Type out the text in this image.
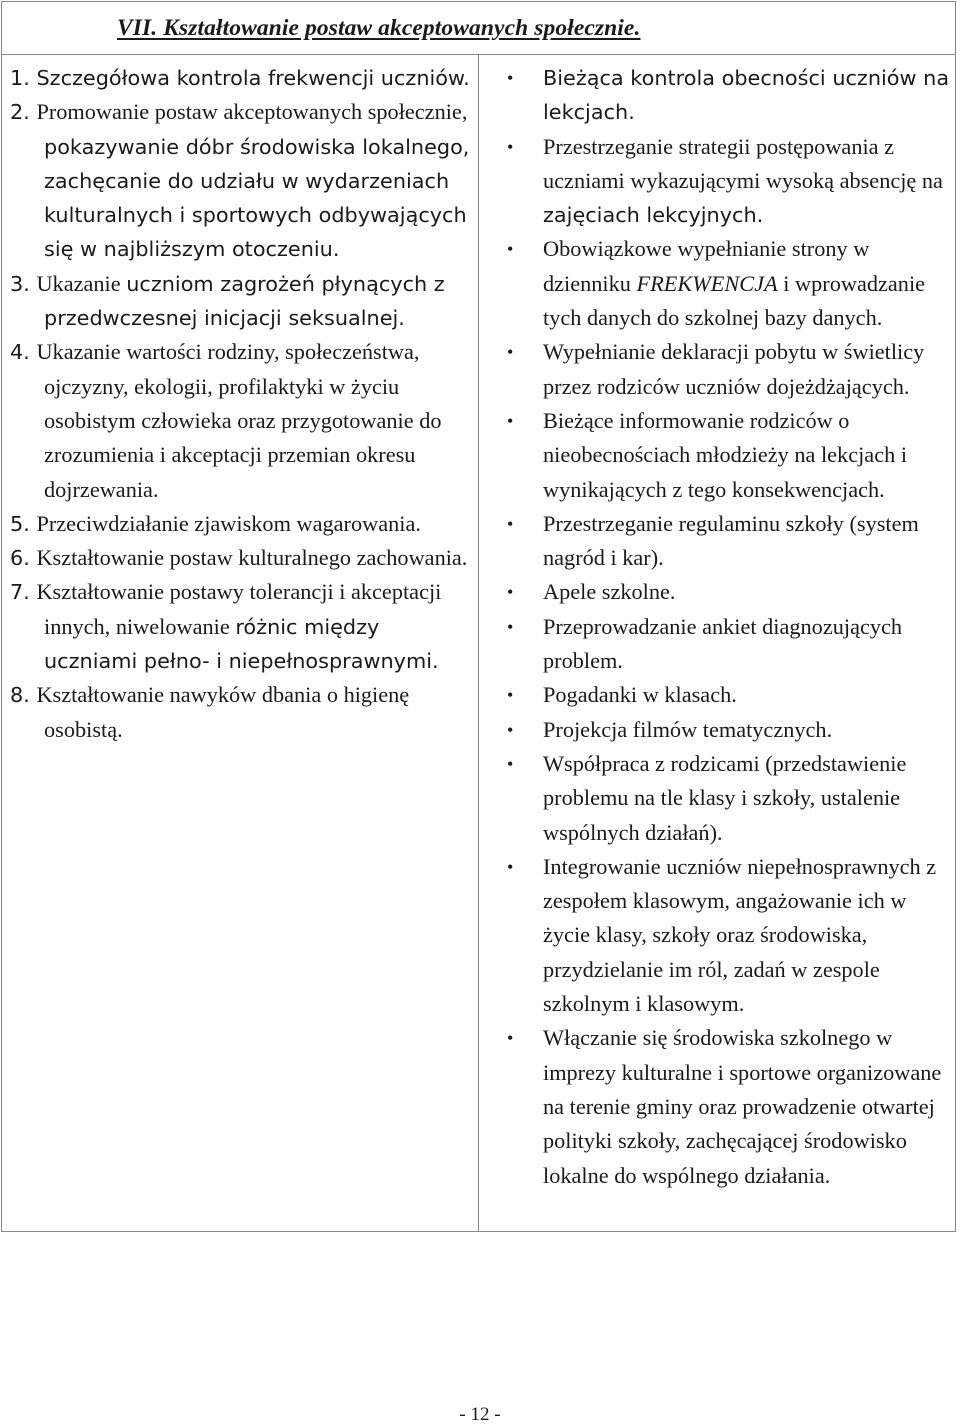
VII. Kształtowanie postaw akceptowanych społecznie.

1. Szczegółowa kontrola frekwencji uczniów.
2. Promowanie postaw akceptowanych społecznie, pokazywanie dóbr środowiska lokalnego, zachęcanie do udziału w wydarzeniach kulturalnych i sportowych odbywających się w najbliższym otoczeniu.
3. Ukazanie uczniom zagrożeń płynących z przedwczesnej inicjacji seksualnej.
4. Ukazanie wartości rodziny, społeczeństwa, ojczyzny, ekologii, profilaktyki w życiu osobistym człowieka oraz przygotowanie do zrozumienia i akceptacji przemian okresu dojrzewania.
5. Przeciwdziałanie zjawiskom wagarowania.
6. Kształtowanie postaw kulturalnego zachowania.
7. Kształtowanie postawy tolerancji i akceptacji innych, niwelowanie różnic między uczniami pełno- i niepełnosprawnymi.
8. Kształtowanie nawyków dbania o higienę osobistą.

• Bieżąca kontrola obecności uczniów na lekcjach.
• Przestrzeganie strategii postępowania z uczniami wykazującymi wysoką absencję na zajęciach lekcyjnych.
• Obowiązkowe wypełnianie strony w dzienniku FREKWENCJA i wprowadzanie tych danych do szkolnej bazy danych.
• Wypełnianie deklaracji pobytu w świetlicy przez rodziców uczniów dojeżdżających.
• Bieżące informowanie rodziców o nieobecnościach młodzieży na lekcjach i wynikających z tego konsekwencjach.
• Przestrzeganie regulaminu szkoły (system nagród i kar).
• Apele szkolne.
• Przeprowadzanie ankiet diagnozujących problem.
• Pogadanki w klasach.
• Projekcja filmów tematycznych.
• Współpraca z rodzicami (przedstawienie problemu na tle klasy i szkoły, ustalenie wspólnych działań).
• Integrowanie uczniów niepełnosprawnych z zespołem klasowym, angażowanie ich w życie klasy, szkoły oraz środowiska, przydzielanie im ról, zadań w zespole szkolnym i klasowym.
• Włączanie się środowiska szkolnego w imprezy kulturalne i sportowe organizowane na terenie gminy oraz prowadzenie otwartej polityki szkoły, zachęcającej środowisko lokalne do wspólnego działania.
- 12 -
